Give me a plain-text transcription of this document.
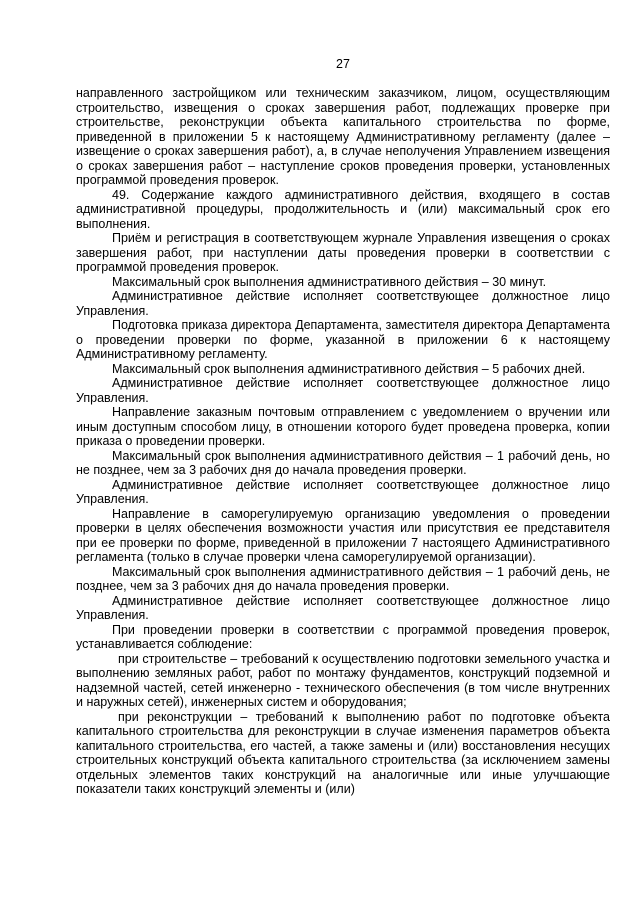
27

направленного застройщиком или техническим заказчиком, лицом, осуществляющим строительство, извещения о сроках завершения работ, подлежащих проверке при строительстве, реконструкции объекта капитального строительства по форме, приведенной в приложении 5 к настоящему Административному регламенту (далее – извещение о сроках завершения работ), а, в случае неполучения Управлением извещения о сроках завершения работ – наступление сроков проведения проверки, установленных программой проведения проверок.

49. Содержание каждого административного действия, входящего в состав административной процедуры, продолжительность и (или) максимальный срок его выполнения.

Приём и регистрация в соответствующем журнале Управления извещения о сроках завершения работ, при наступлении даты проведения проверки в соответствии с программой проведения проверок.

Максимальный срок выполнения административного действия – 30 минут.

Административное действие исполняет соответствующее должностное лицо Управления.

Подготовка приказа директора Департамента, заместителя директора Департамента о проведении проверки по форме, указанной в приложении 6 к настоящему Административному регламенту.

Максимальный срок выполнения административного действия – 5 рабочих дней.

Административное действие исполняет соответствующее должностное лицо Управления.

Направление заказным почтовым отправлением с уведомлением о вручении или иным доступным способом лицу, в отношении которого будет проведена проверка, копии приказа о проведении проверки.

Максимальный срок выполнения административного действия – 1 рабочий день, но не позднее, чем за 3 рабочих дня до начала проведения проверки.

Административное действие исполняет соответствующее должностное лицо Управления.

Направление в саморегулируемую организацию уведомления о проведении проверки в целях обеспечения возможности участия или присутствия ее представителя при ее проверки по форме, приведенной в приложении 7 настоящего Административного регламента (только в случае проверки члена саморегулируемой организации).

Максимальный срок выполнения административного действия – 1 рабочий день, не позднее, чем за 3 рабочих дня до начала проведения проверки.

Административное действие исполняет соответствующее должностное лицо Управления.

При проведении проверки в соответствии с программой проведения проверок, устанавливается соблюдение:

при строительстве – требований к осуществлению подготовки земельного участка и выполнению земляных работ, работ по монтажу фундаментов, конструкций подземной и надземной частей, сетей инженерно - технического обеспечения (в том числе внутренних и наружных сетей), инженерных систем и оборудования;

при реконструкции – требований к выполнению работ по подготовке объекта капитального строительства для реконструкции в случае изменения параметров объекта капитального строительства, его частей, а также замены и (или) восстановления несущих строительных конструкций объекта капитального строительства (за исключением замены отдельных элементов таких конструкций на аналогичные или иные улучшающие показатели таких конструкций элементы и (или)
